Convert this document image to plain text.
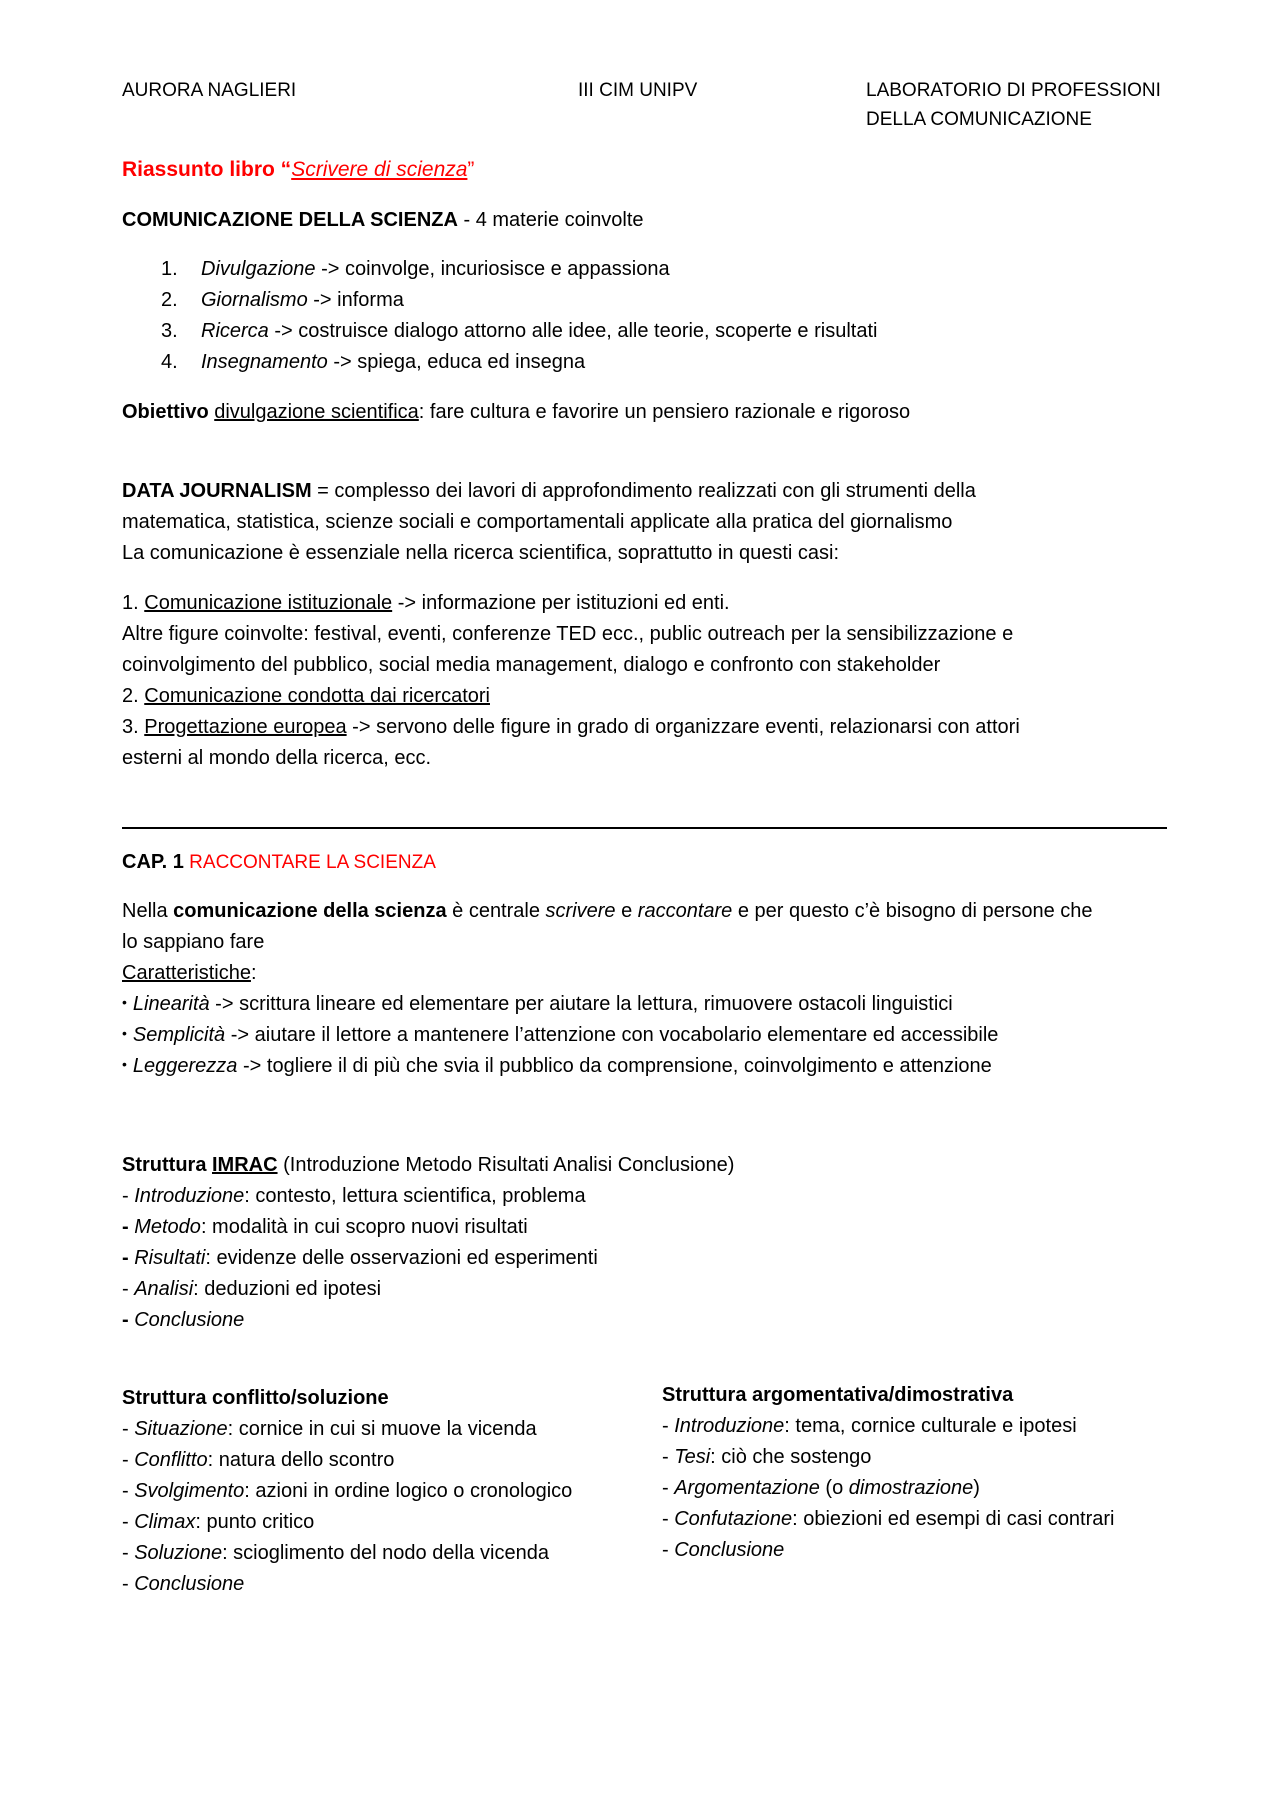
AURORA NAGLIERI	III CIM UNIPV	LABORATORIO DI PROFESSIONI
DELLA COMUNICAZIONE
Riassunto libro “Scrivere di scienza”
COMUNICAZIONE DELLA SCIENZA - 4 materie coinvolte
1. Divulgazione -> coinvolge, incuriosisce e appassiona
2. Giornalismo -> informa
3. Ricerca -> costruisce dialogo attorno alle idee, alle teorie, scoperte e risultati
4. Insegnamento -> spiega, educa ed insegna
Obiettivo divulgazione scientifica: fare cultura e favorire un pensiero razionale e rigoroso
DATA JOURNALISM = complesso dei lavori di approfondimento realizzati con gli strumenti della
matematica, statistica, scienze sociali e comportamentali applicate alla pratica del giornalismo
La comunicazione è essenziale nella ricerca scientifica, soprattutto in questi casi:
1. Comunicazione istituzionale -> informazione per istituzioni ed enti.
Altre figure coinvolte: festival, eventi, conferenze TED ecc., public outreach per la sensibilizzazione e
coinvolgimento del pubblico, social media management, dialogo e confronto con stakeholder
2. Comunicazione condotta dai ricercatori
3. Progettazione europea -> servono delle figure in grado di organizzare eventi, relazionarsi con attori
esterni al mondo della ricerca, ecc.
CAP. 1 RACCONTARE LA SCIENZA
Nella comunicazione della scienza è centrale scrivere e raccontare e per questo c’è bisogno di persone che
lo sappiano fare
Caratteristiche:
• Linearità -> scrittura lineare ed elementare per aiutare la lettura, rimuovere ostacoli linguistici
• Semplicità -> aiutare il lettore a mantenere l’attenzione con vocabolario elementare ed accessibile
• Leggerezza -> togliere il di più che svia il pubblico da comprensione, coinvolgimento e attenzione
Struttura IMRAC (Introduzione Metodo Risultati Analisi Conclusione)
- Introduzione: contesto, lettura scientifica, problema
- Metodo: modalità in cui scopro nuovi risultati
- Risultati: evidenze delle osservazioni ed esperimenti
- Analisi: deduzioni ed ipotesi
- Conclusione
Struttura conflitto/soluzione
- Situazione: cornice in cui si muove la vicenda
- Conflitto: natura dello scontro
- Svolgimento: azioni in ordine logico o cronologico
- Climax: punto critico
- Soluzione: scioglimento del nodo della vicenda
- Conclusione
Struttura argomentativa/dimostrativa
- Introduzione: tema, cornice culturale e ipotesi
- Tesi: ciò che sostengo
- Argomentazione (o dimostrazione)
- Confutazione: obiezioni ed esempi di casi contrari
- Conclusione
